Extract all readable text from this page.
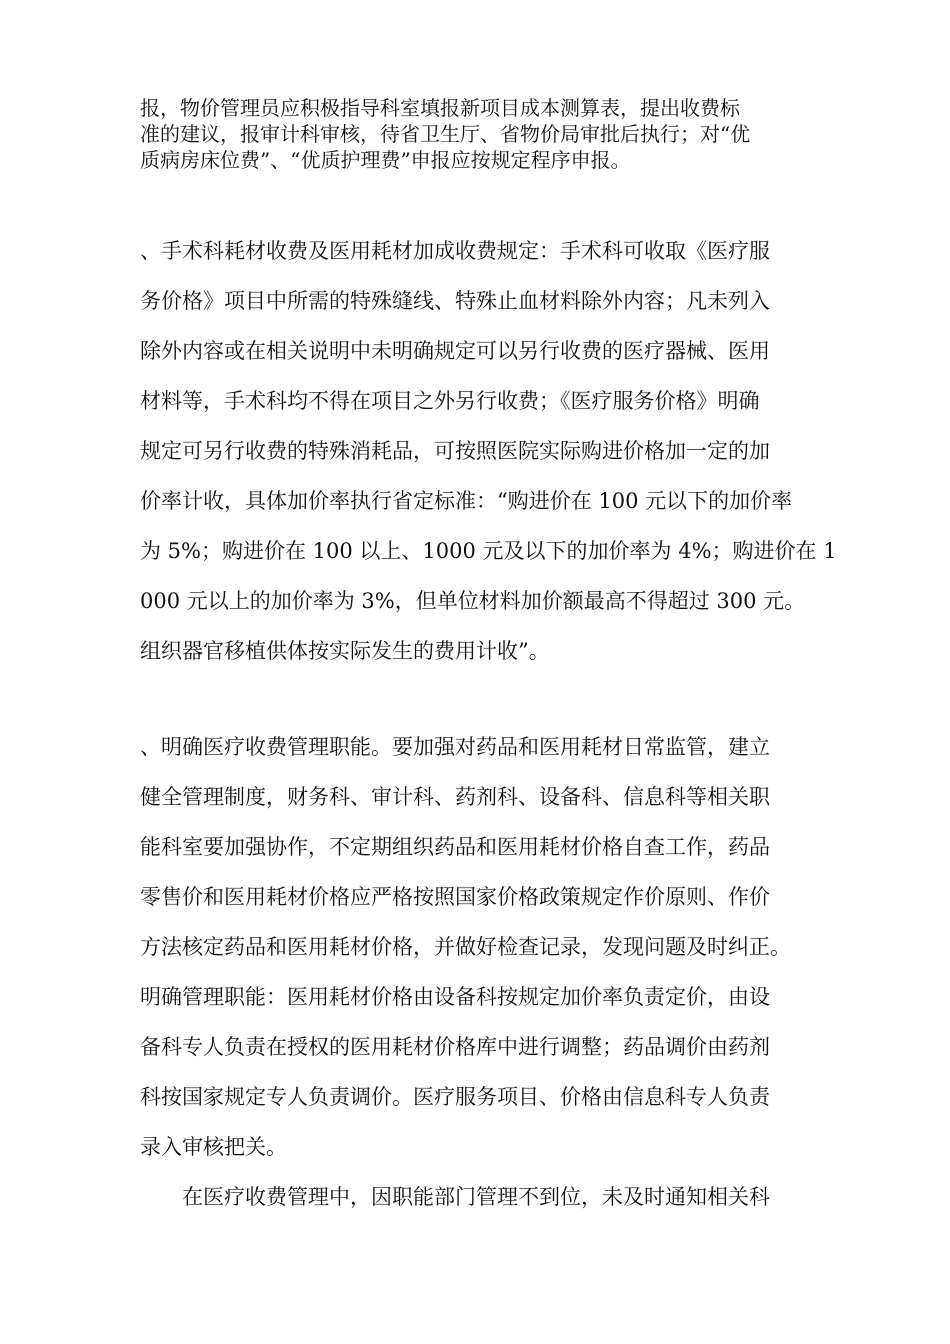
报，物价管理员应积极指导科室填报新项目成本测算表，提出收费标
准的建议，报审计科审核，待省卫生厅、省物价局审批后执行；对“优
质病房床位费”、“优质护理费”申报应按规定程序申报。
、手术科耗材收费及医用耗材加成收费规定：手术科可收取《医疗服
务价格》项目中所需的特殊缝线、特殊止血材料除外内容；凡未列入
除外内容或在相关说明中未明确规定可以另行收费的医疗器械、医用
材料等，手术科均不得在项目之外另行收费；《医疗服务价格》明确
规定可另行收费的特殊消耗品，可按照医院实际购进价格加一定的加
价率计收，具体加价率执行省定标准：“购进价在 100 元以下的加价率
为 5%；购进价在 100 以上、1000 元及以下的加价率为 4%；购进价在 1
000 元以上的加价率为 3%，但单位材料加价额最高不得超过 300 元。
组织器官移植供体按实际发生的费用计收”。
、明确医疗收费管理职能。要加强对药品和医用耗材日常监管，建立
健全管理制度，财务科、审计科、药剂科、设备科、信息科等相关职
能科室要加强协作，不定期组织药品和医用耗材价格自查工作，药品
零售价和医用耗材价格应严格按照国家价格政策规定作价原则、作价
方法核定药品和医用耗材价格，并做好检查记录，发现问题及时纠正。
明确管理职能：医用耗材价格由设备科按规定加价率负责定价，由设
备科专人负责在授权的医用耗材价格库中进行调整；药品调价由药剂
科按国家规定专人负责调价。医疗服务项目、价格由信息科专人负责
录入审核把关。
　　在医疗收费管理中，因职能部门管理不到位，未及时通知相关科
